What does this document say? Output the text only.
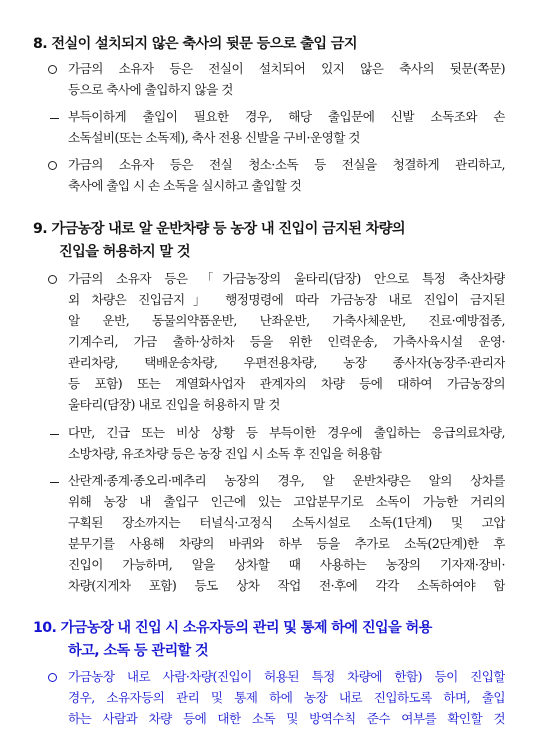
8. 전실이 설치되지 않은 축사의 뒷문 등으로 출입 금지
가금의 소유자 등은 전실이 설치되어 있지 않은 축사의 뒷문(쪽문)
등으로 축사에 출입하지 않을 것
부득이하게 출입이 필요한 경우, 해당 출입문에 신발 소독조와 손
소독설비(또는 소독제), 축사 전용 신발을 구비·운영할 것
가금의 소유자 등은 전실 청소·소독 등 전실을 청결하게 관리하고,
축사에 출입 시 손 소독을 실시하고 출입할 것
9. 가금농장 내로 알 운반차량 등 농장 내 진입이 금지된 차량의
진입을 허용하지 말 것
가금의 소유자 등은 「가금농장의 울타리(담장) 안으로 특정 축산차량
외 차량은 진입금지」 행정명령에 따라 가금농장 내로 진입이 금지된
알 운반, 동물의약품운반, 난좌운반, 가축사체운반, 진료·예방접종,
기계수리, 가금 출하·상하차 등을 위한 인력운송, 가축사육시설 운영·
관리차량, 택배운송차량, 우편전용차량, 농장 종사자(농장주·관리자
등 포함) 또는 계열화사업자 관계자의 차량 등에 대하여 가금농장의
울타리(담장) 내로 진입을 허용하지 말 것
다만, 긴급 또는 비상 상황 등 부득이한 경우에 출입하는 응급의료차량,
소방차량, 유조차량 등은 농장 진입 시 소독 후 진입을 허용함
산란계·종계·종오리·메추리 농장의 경우, 알 운반차량은 알의 상차를
위해 농장 내 출입구 인근에 있는 고압분무기로 소독이 가능한 거리의
구획된 장소까지는 터널식·고정식 소독시설로 소독(1단계) 및 고압
분무기를 사용해 차량의 바퀴와 하부 등을 추가로 소독(2단계)한 후
진입이 가능하며, 알을 상차할 때 사용하는 농장의 기자재·장비·
차량(지게차 포함) 등도 상차 작업 전·후에 각각 소독하여야 함
10. 가금농장 내 진입 시 소유자등의 관리 및 통제 하에 진입을 허용
하고, 소독 등 관리할 것
가금농장 내로 사람·차량(진입이 허용된 특정 차량에 한함) 등이 진입할
경우, 소유자등의 관리 및 통제 하에 농장 내로 진입하도록 하며, 출입
하는 사람과 차량 등에 대한 소독 및 방역수칙 준수 여부를 확인할 것
